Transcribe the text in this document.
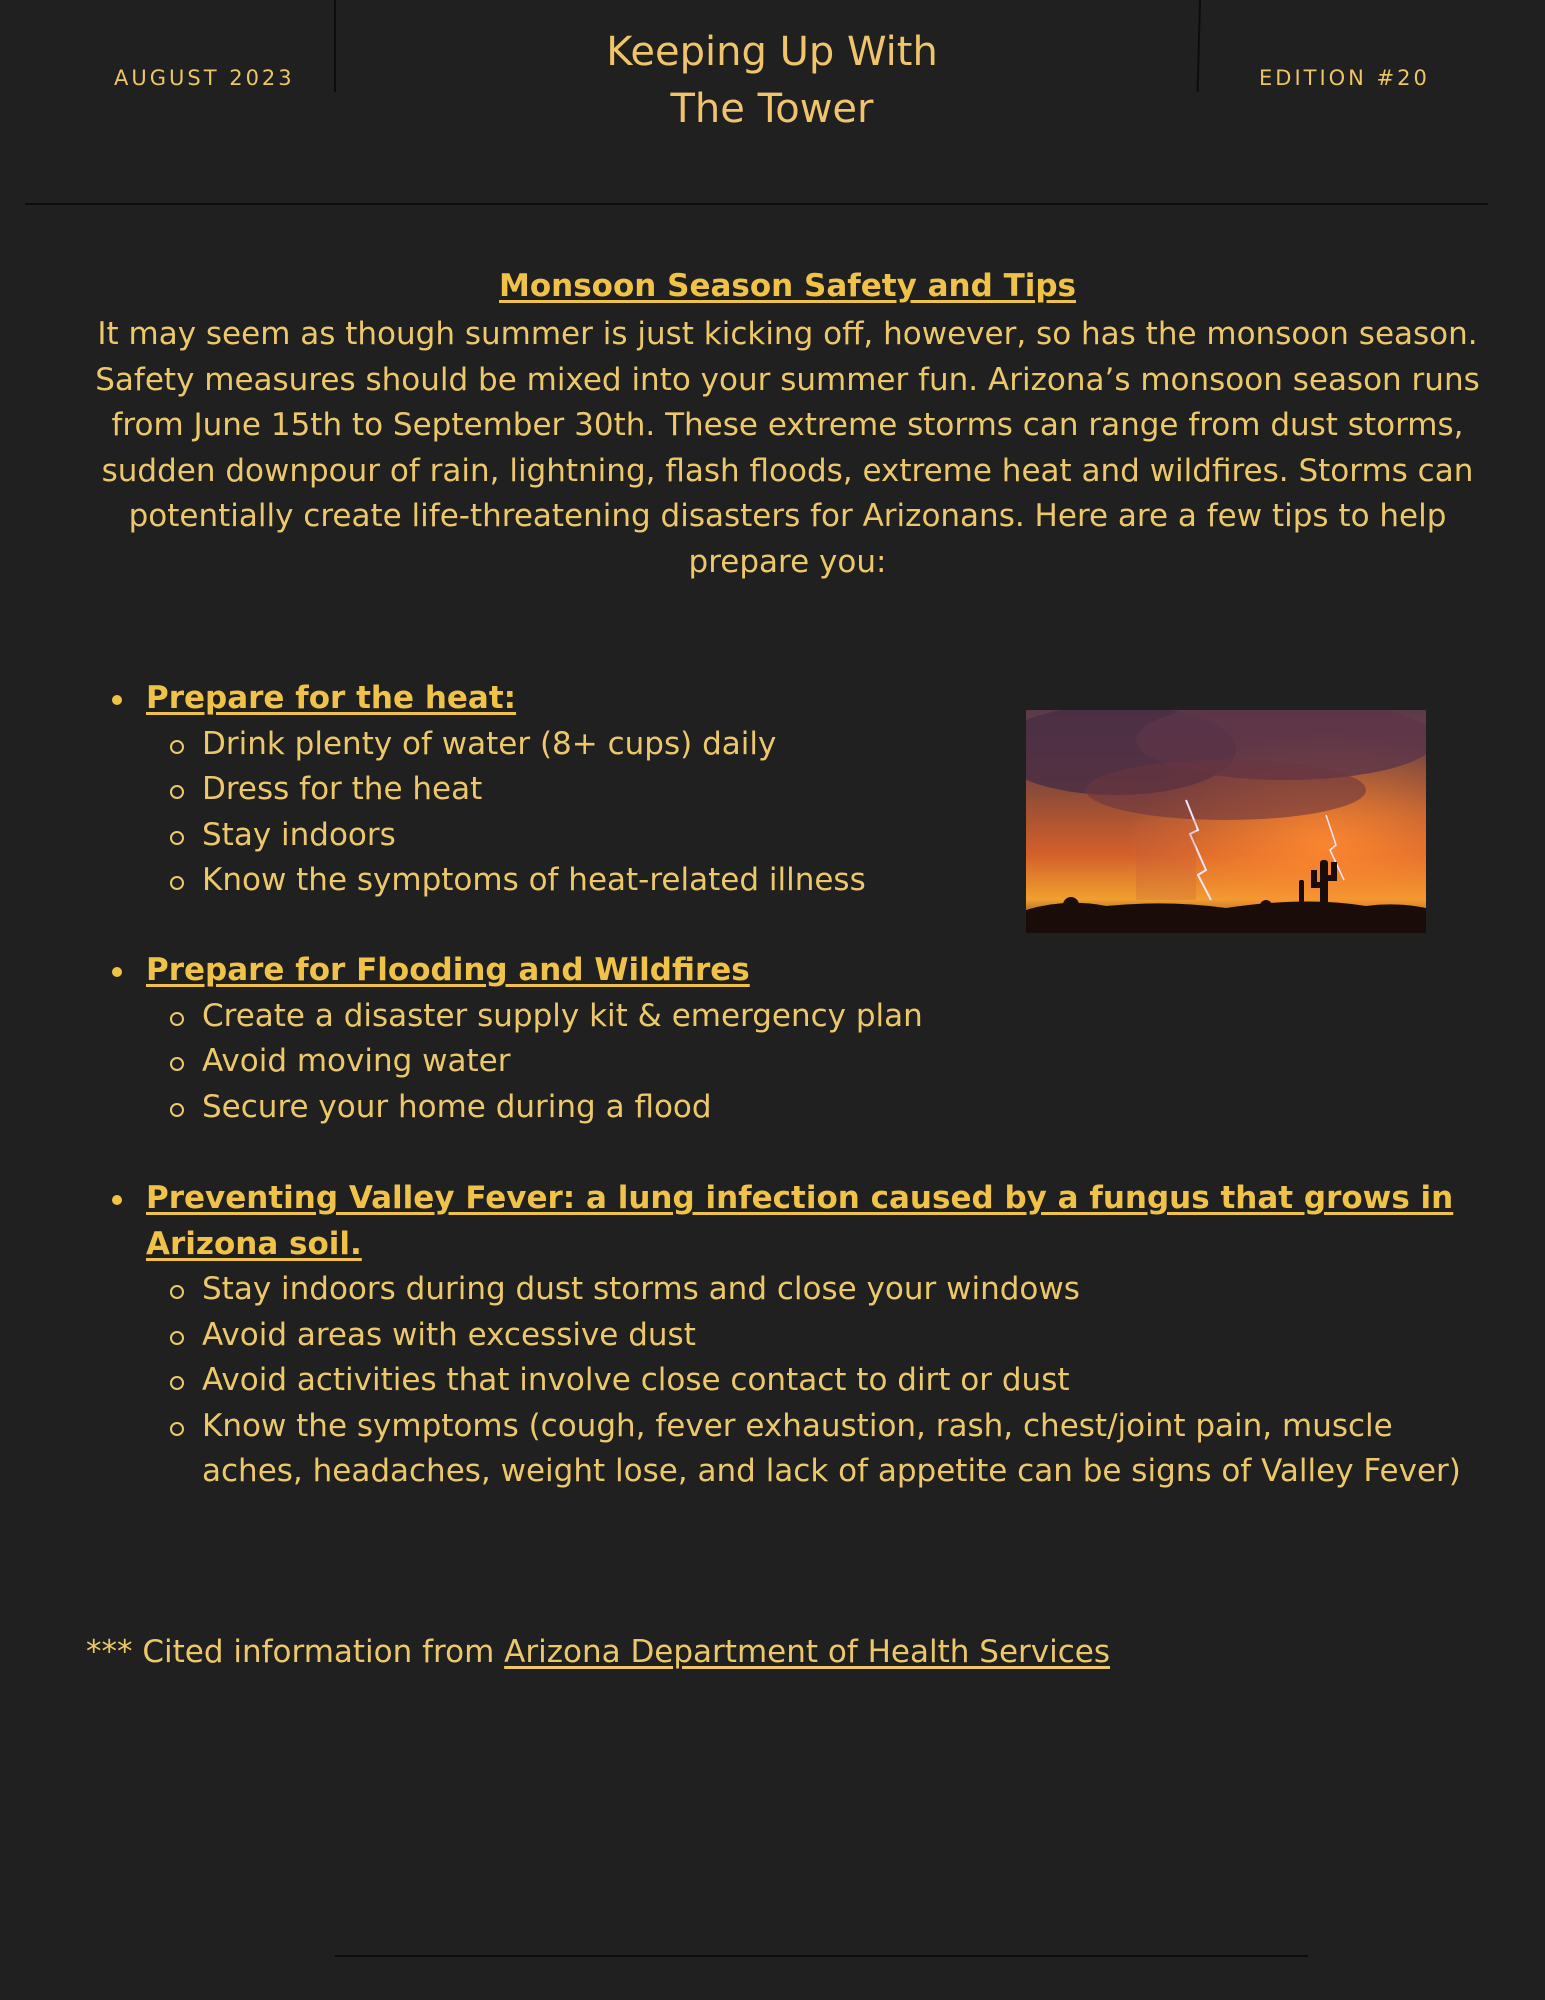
AUGUST 2023
Keeping Up With
The Tower
EDITION #20
Monsoon Season Safety and Tips
It may seem as though summer is just kicking off, however, so has the monsoon season. Safety measures should be mixed into your summer fun. Arizona’s monsoon season runs from June 15th to September 30th. These extreme storms can range from dust storms, sudden downpour of rain, lightning, flash floods, extreme heat and wildfires. Storms can potentially create life-threatening disasters for Arizonans. Here are a few tips to help prepare you:
Prepare for the heat:
Drink plenty of water (8+ cups) daily
Dress for the heat
Stay indoors
Know the symptoms of heat-related illness
Prepare for Flooding and Wildfires
Create a disaster supply kit & emergency plan
Avoid moving water
Secure your home during a flood
Preventing Valley Fever: a lung infection caused by a fungus that grows in Arizona soil.
Stay indoors during dust storms and close your windows
Avoid areas with excessive dust
Avoid activities that involve close contact to dirt or dust
Know the symptoms (cough, fever exhaustion, rash, chest/joint pain, muscle aches, headaches, weight lose, and lack of appetite can be signs of Valley Fever)
*** Cited information from Arizona Department of Health Services
